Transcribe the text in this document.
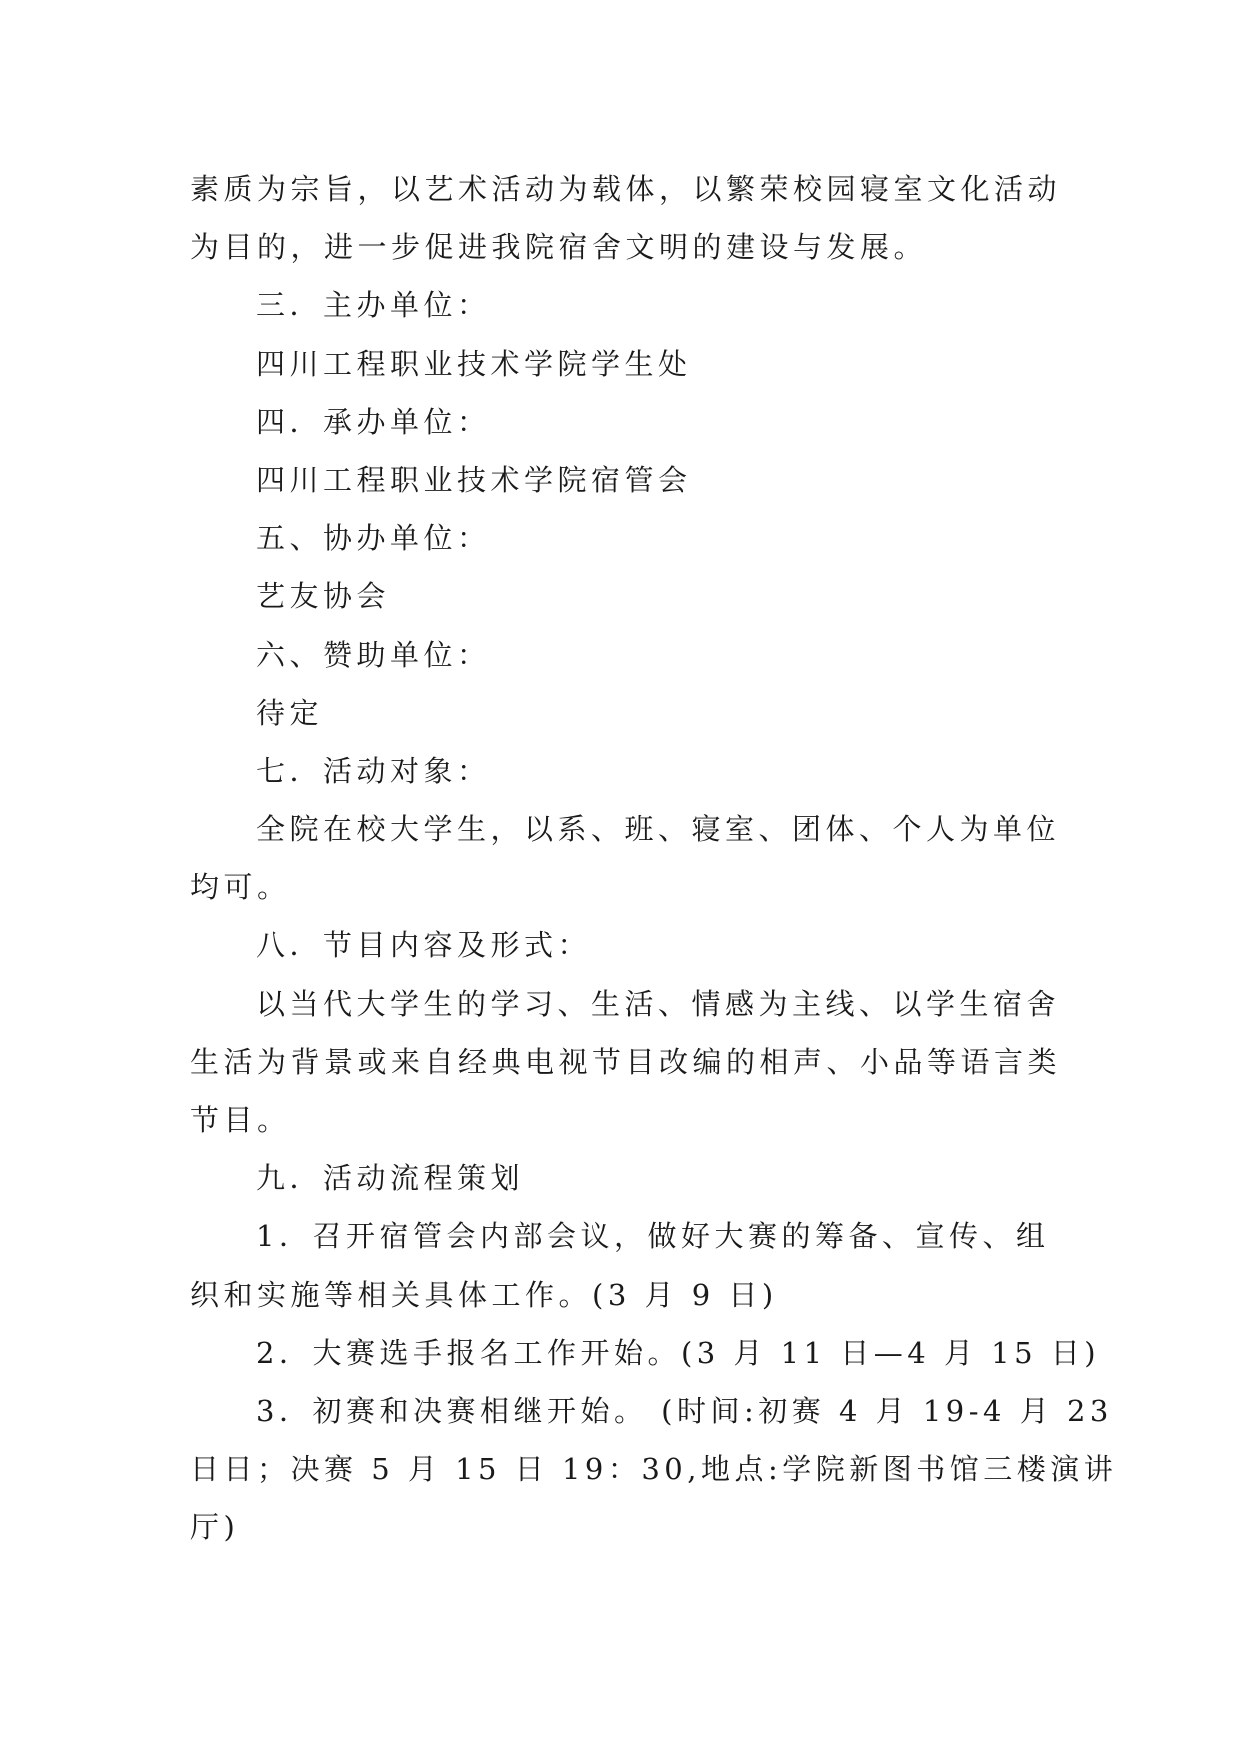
素质为宗旨，以艺术活动为载体，以繁荣校园寝室文化活动
为目的，进一步促进我院宿舍文明的建设与发展。
三．主办单位：
四川工程职业技术学院学生处
四．承办单位：
四川工程职业技术学院宿管会
五、协办单位：
艺友协会
六、赞助单位：
待定
七．活动对象：
全院在校大学生，以系、班、寝室、团体、个人为单位
均可。
八．节目内容及形式：
以当代大学生的学习、生活、情感为主线、以学生宿舍
生活为背景或来自经典电视节目改编的相声、小品等语言类
节目。
九．活动流程策划
1．召开宿管会内部会议，做好大赛的筹备、宣传、组
织和实施等相关具体工作。(3 月 9 日)
2．大赛选手报名工作开始。(3 月 11 日—4 月 15 日)
3．初赛和决赛相继开始。 (时间:初赛 4 月 19-4 月 23
日日；决赛 5 月 15 日 19：30,地点:学院新图书馆三楼演讲
厅)
